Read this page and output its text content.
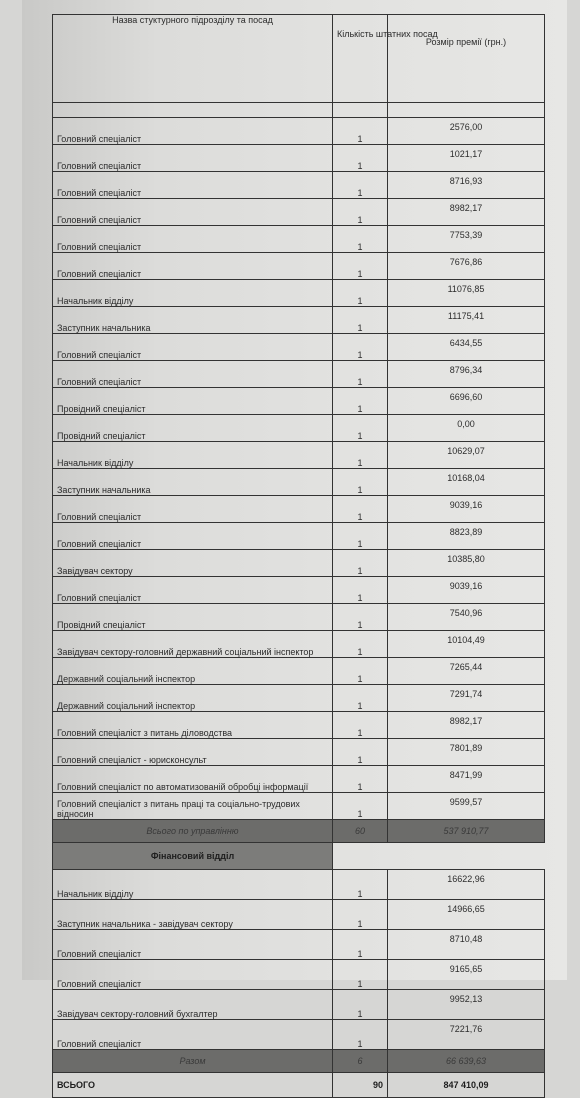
Назва стуктурного підрозділу та посад	Кількість штатних посад	Розмір премії (грн.)

Головний спеціаліст	1	2576,00
Головний спеціаліст	1	1021,17
Головний спеціаліст	1	8716,93
Головний спеціаліст	1	8982,17
Головний спеціаліст	1	7753,39
Головний спеціаліст	1	7676,86
Начальник відділу	1	11076,85
Заступник начальника	1	11175,41
Головний спеціаліст	1	6434,55
Головний спеціаліст	1	8796,34
Провідний спеціаліст	1	6696,60
Провідний спеціаліст	1	0,00
Начальник відділу	1	10629,07
Заступник начальника	1	10168,04
Головний спеціаліст	1	9039,16
Головний спеціаліст	1	8823,89
Завідувач сектору	1	10385,80
Головний спеціаліст	1	9039,16
Провідний спеціаліст	1	7540,96
Завідувач сектору-головний державний соціальний інспектор	1	10104,49
Державний соціальний інспектор	1	7265,44
Державний соціальний інспектор	1	7291,74
Головний спеціаліст з питань діловодства	1	8982,17
Головний спеціаліст - юрисконсульт	1	7801,89
Головний спеціаліст по автоматизованій обробці інформації	1	8471,99
Головний спеціаліст з питань праці та соціально-трудових відносин	1	9599,57
Всього по управлінню	60	537 910,77
Фінансовий відділ		
Начальник відділу	1	16622,96
Заступник начальника - завідувач сектору	1	14966,65
Головний спеціаліст	1	8710,48
Головний спеціаліст	1	9165,65
Завідувач сектору-головний бухгалтер	1	9952,13
Головний спеціаліст	1	7221,76
Разом	6	66 639,63
ВСЬОГО	90	847 410,09
